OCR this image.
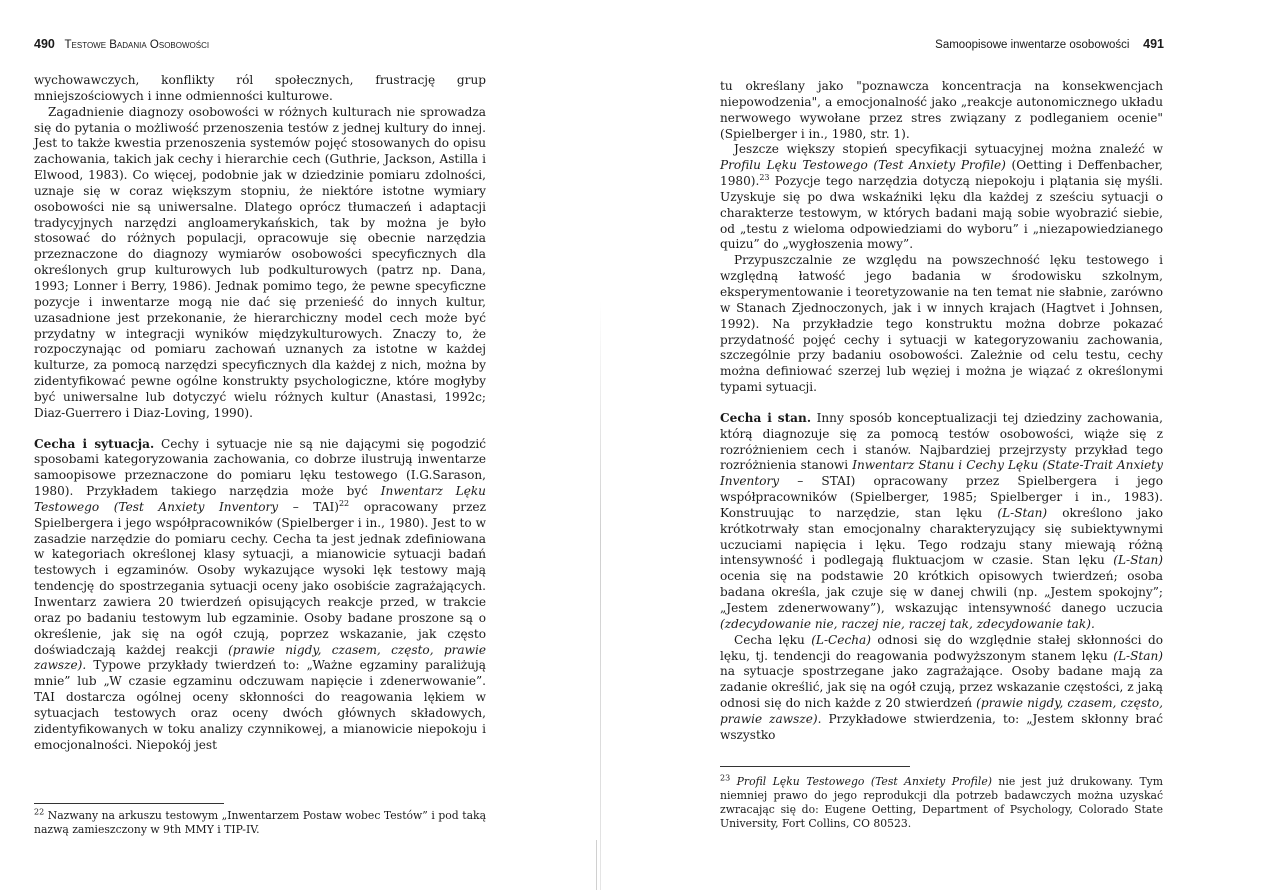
490 Testowe Badania Osobowości

wychowawczych, konflikty ról społecznych, frustrację grup mniejszościowych i inne odmienności kulturowe.

Zagadnienie diagnozy osobowości w różnych kulturach nie sprowadza się do pytania o możliwość przenoszenia testów z jednej kultury do innej. Jest to także kwestia przenoszenia systemów pojęć stosowanych do opisu zachowania, takich jak cechy i hierarchie cech (Guthrie, Jackson, Astilla i Elwood, 1983). Co więcej, podobnie jak w dziedzinie pomiaru zdolności, uznaje się w coraz większym stopniu, że niektóre istotne wymiary osobowości nie są uniwersalne. Dlatego oprócz tłumaczeń i adaptacji tradycyjnych narzędzi angloamerykańskich, tak by można je było stosować do różnych populacji, opracowuje się obecnie narzędzia przeznaczone do diagnozy wymiarów osobowości specyficznych dla określonych grup kulturowych lub podkulturowych (patrz np. Dana, 1993; Lonner i Berry, 1986). Jednak pomimo tego, że pewne specyficzne pozycje i inwentarze mogą nie dać się przenieść do innych kultur, uzasadnione jest przekonanie, że hierarchiczny model cech może być przydatny w integracji wyników międzykulturowych. Znaczy to, że rozpoczynając od pomiaru zachowań uznanych za istotne w każdej kulturze, za pomocą narzędzi specyficznych dla każdej z nich, można by zidentyfikować pewne ogólne konstrukty psychologiczne, które mogłyby być uniwersalne lub dotyczyć wielu różnych kultur (Anastasi, 1992c; Diaz-Guerrero i Diaz-Loving, 1990).

Cecha i sytuacja. Cechy i sytuacje nie są nie dającymi się pogodzić sposobami kategoryzowania zachowania, co dobrze ilustrują inwentarze samoopisowe przeznaczone do pomiaru lęku testowego (I.G.Sarason, 1980). Przykładem takiego narzędzia może być Inwentarz Lęku Testowego (Test Anxiety Inventory – TAI)$^{22}$ opracowany przez Spielbergera i jego współpracowników (Spielberger i in., 1980). Jest to w zasadzie narzędzie do pomiaru cechy. Cecha ta jest jednak zdefiniowana w kategoriach określonej klasy sytuacji, a mianowicie sytuacji badań testowych i egzaminów. Osoby wykazujące wysoki lęk testowy mają tendencję do spostrzegania sytuacji oceny jako osobiście zagrażających. Inwentarz zawiera 20 twierdzeń opisujących reakcje przed, w trakcie oraz po badaniu testowym lub egzaminie. Osoby badane proszone są o określenie, jak się na ogół czują, poprzez wskazanie, jak często doświadczają każdej reakcji (prawie nigdy, czasem, często, prawie zawsze). Typowe przykłady twierdzeń to: „Ważne egzaminy paraliżują mnie” lub „W czasie egzaminu odczuwam napięcie i zdenerwowanie”. TAI dostarcza ogólnej oceny skłonności do reagowania lękiem w sytuacjach testowych oraz oceny dwóch głównych składowych, zidentyfikowanych w toku analizy czynnikowej, a mianowicie niepokoju i emocjonalności. Niepokój jest

$^{22}$ Nazwany na arkuszu testowym „Inwentarzem Postaw wobec Testów” i pod taką nazwą zamieszczony w 9th MMY i TIP-IV.
Samoopisowe inwentarze osobowości 491

tu określany jako "poznawcza koncentracja na konsekwencjach niepowodzenia", a emocjonalność jako „reakcje autonomicznego układu nerwowego wywołane przez stres związany z podleganiem ocenie" (Spielberger i in., 1980, str. 1).

Jeszcze większy stopień specyfikacji sytuacyjnej można znaleźć w Profilu Lęku Testowego (Test Anxiety Profile) (Oetting i Deffenbacher, 1980).$^{23}$ Pozycje tego narzędzia dotyczą niepokoju i plątania się myśli. Uzyskuje się po dwa wskaźniki lęku dla każdej z sześciu sytuacji o charakterze testowym, w których badani mają sobie wyobrazić siebie, od „testu z wieloma odpowiedziami do wyboru” i „niezapowiedzianego quizu” do „wygłoszenia mowy”.

Przypuszczalnie ze względu na powszechność lęku testowego i względną łatwość jego badania w środowisku szkolnym, eksperymentowanie i teoretyzowanie na ten temat nie słabnie, zarówno w Stanach Zjednoczonych, jak i w innych krajach (Hagtvet i Johnsen, 1992). Na przykładzie tego konstruktu można dobrze pokazać przydatność pojęć cechy i sytuacji w kategoryzowaniu zachowania, szczególnie przy badaniu osobowości. Zależnie od celu testu, cechy można definiować szerzej lub węziej i można je wiązać z określonymi typami sytuacji.

Cecha i stan. Inny sposób konceptualizacji tej dziedziny zachowania, którą diagnozuje się za pomocą testów osobowości, wiąże się z rozróżnieniem cech i stanów. Najbardziej przejrzysty przykład tego rozróżnienia stanowi Inwentarz Stanu i Cechy Lęku (State-Trait Anxiety Inventory – STAI) opracowany przez Spielbergera i jego współpracowników (Spielberger, 1985; Spielberger i in., 1983). Konstruując to narzędzie, stan lęku (L-Stan) określono jako krótkotrwały stan emocjonalny charakteryzujący się subiektywnymi uczuciami napięcia i lęku. Tego rodzaju stany miewają różną intensywność i podlegają fluktuacjom w czasie. Stan lęku (L-Stan) ocenia się na podstawie 20 krótkich opisowych twierdzeń; osoba badana określa, jak czuje się w danej chwili (np. „Jestem spokojny”; „Jestem zdenerwowany”), wskazując intensywność danego uczucia (zdecydowanie nie, raczej nie, raczej tak, zdecydowanie tak).

Cecha lęku (L-Cecha) odnosi się do względnie stałej skłonności do lęku, tj. tendencji do reagowania podwyższonym stanem lęku (L-Stan) na sytuacje spostrzegane jako zagrażające. Osoby badane mają za zadanie określić, jak się na ogół czują, przez wskazanie częstości, z jaką odnosi się do nich każde z 20 stwierdzeń (prawie nigdy, czasem, często, prawie zawsze). Przykładowe stwierdzenia, to: „Jestem skłonny brać wszystko

$^{23}$ Profil Lęku Testowego (Test Anxiety Profile) nie jest już drukowany. Tym niemniej prawo do jego reprodukcji dla potrzeb badawczych można uzyskać zwracając się do: Eugene Oetting, Department of Psychology, Colorado State University, Fort Collins, CO 80523.
